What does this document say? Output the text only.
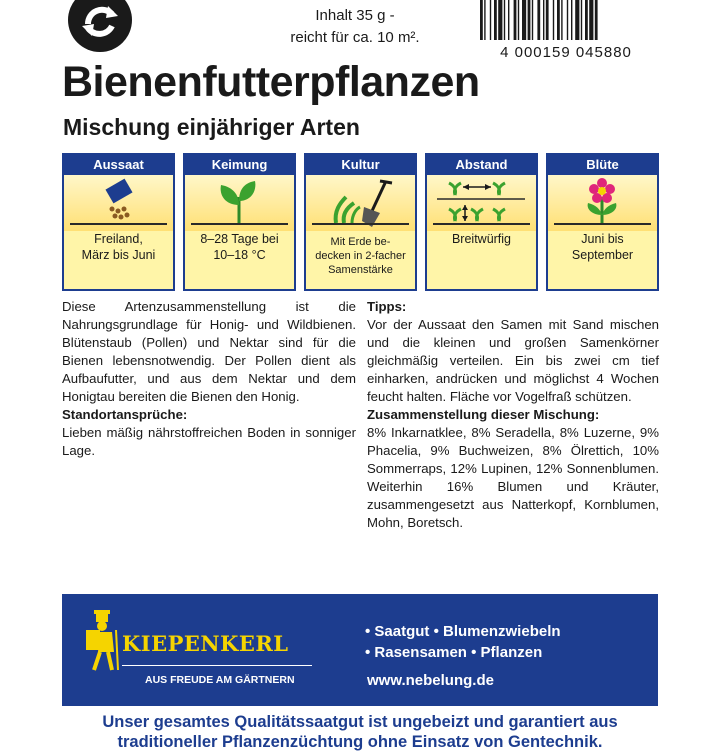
Inhalt 35 g -
reicht für ca. 10 m².
4 000159 045880
Bienenfutterpflanzen
Mischung einjähriger Arten
Aussaat
Freiland,
März bis Juni
Keimung
8–28 Tage bei
10–18 °C
Kultur
Mit Erde be-
decken in 2-facher
Samenstärke
Abstand
Breitwürfig
Blüte
Juni bis
September

Diese Artenzusammenstellung ist die Nahrungsgrundlage für Honig- und Wildbienen. Blütenstaub (Pollen) und Nektar sind für die Bienen lebensnotwendig. Der Pollen dient als Aufbaufutter, und aus dem Nektar und dem Honigtau bereiten die Bienen den Honig.

Standortansprüche:

Lieben mäßig nährstoffreichen Boden in sonniger Lage.

Tipps:

Vor der Aussaat den Samen mit Sand mischen und die kleinen und großen Samenkörner gleichmäßig verteilen. Ein bis zwei cm tief einharken, andrücken und möglichst 4 Wochen feucht halten. Fläche vor Vogelfraß schützen.

Zusammenstellung dieser Mischung:

8% Inkarnatklee, 8% Seradella, 8% Luzerne, 9% Phacelia, 9% Buchweizen, 8% Ölrettich, 10% Sommerraps, 12% Lupinen, 12% Sonnenblumen. Weiterhin 16% Blumen und Kräuter, zusammengesetzt aus Natterkopf, Kornblumen, Mohn, Boretsch.

KIEPENKERL
AUS FREUDE AM GÄRTNERN
• Saatgut • Blumenzwiebeln
• Rasensamen • Pflanzen
www.nebelung.de
Unser gesamtes Qualitätssaatgut ist ungebeizt und garantiert aus
traditioneller Pflanzenzüchtung ohne Einsatz von Gentechnik.
